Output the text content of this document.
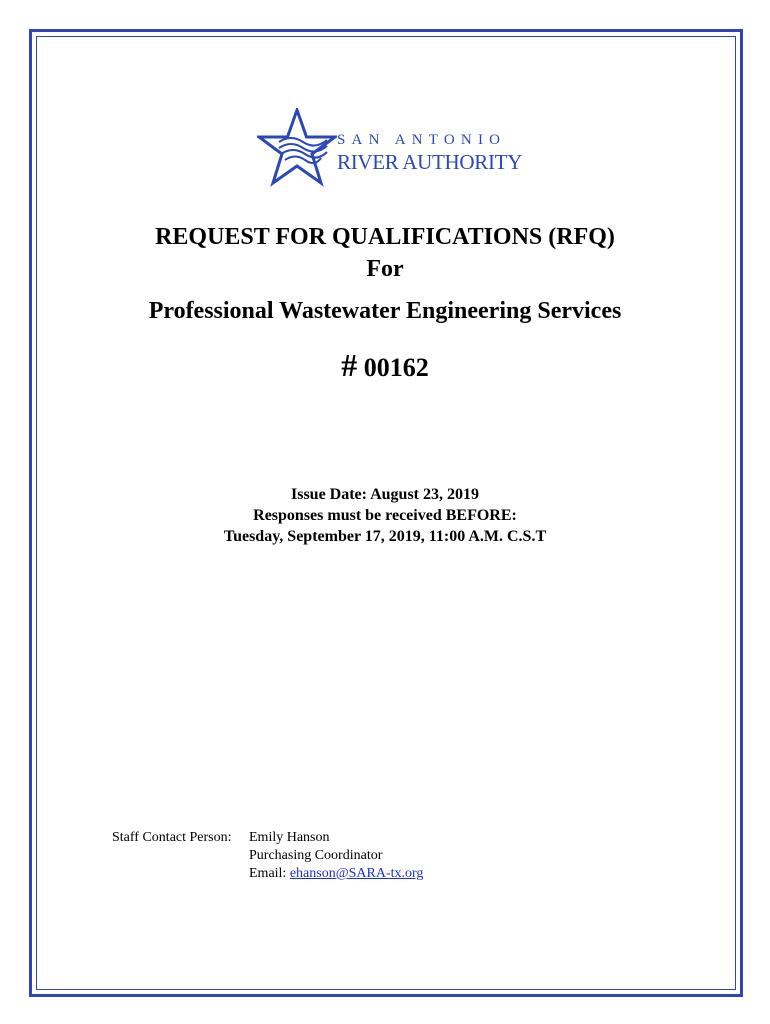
SAN ANTONIO
RIVER AUTHORITY
REQUEST FOR QUALIFICATIONS (RFQ)
For
Professional Wastewater Engineering Services
# 00162
Issue Date: August 23, 2019
Responses must be received BEFORE:
Tuesday, September 17, 2019, 11:00 A.M. C.S.T
Staff Contact Person: Emily Hanson
Purchasing Coordinator
Email: ehanson@SARA-tx.org
